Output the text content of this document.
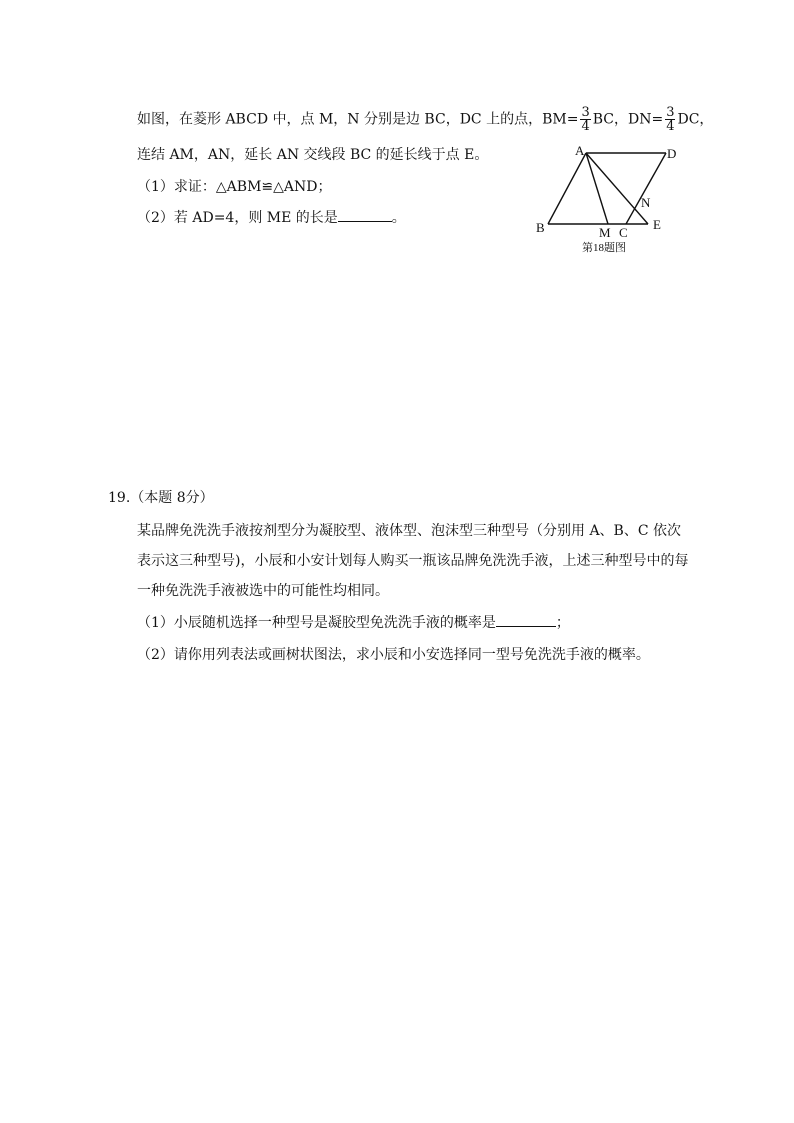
如图，在菱形 ABCD 中，点 M，N 分别是边 BC，DC 上的点，$BM= \frac{3}{4}$ BC，$DN= \frac{3}{4}$ DC，
连结 AM，AN，延长 AN 交线段 BC 的延长线于点 E。
（1）求证：△ABM≌△AND；
（2）若 AD=4，则 ME 的长是	。
A	D
B	M C
N
E
第18题图
19.（本题 8分）
某品牌免洗洗手液按剂型分为凝胶型、液体型、泡沫型三种型号（分别用 A、B、C 依次
表示这三种型号)，小辰和小安计划每人购买一瓶该品牌免洗洗手液，上述三种型号中的每
一种免洗洗手液被选中的可能性均相同。
（1）小辰随机选择一种型号是凝胶型免洗洗手液的概率是	；
（2）请你用列表法或画树状图法，求小辰和小安选择同一型号免洗洗手液的概率。
